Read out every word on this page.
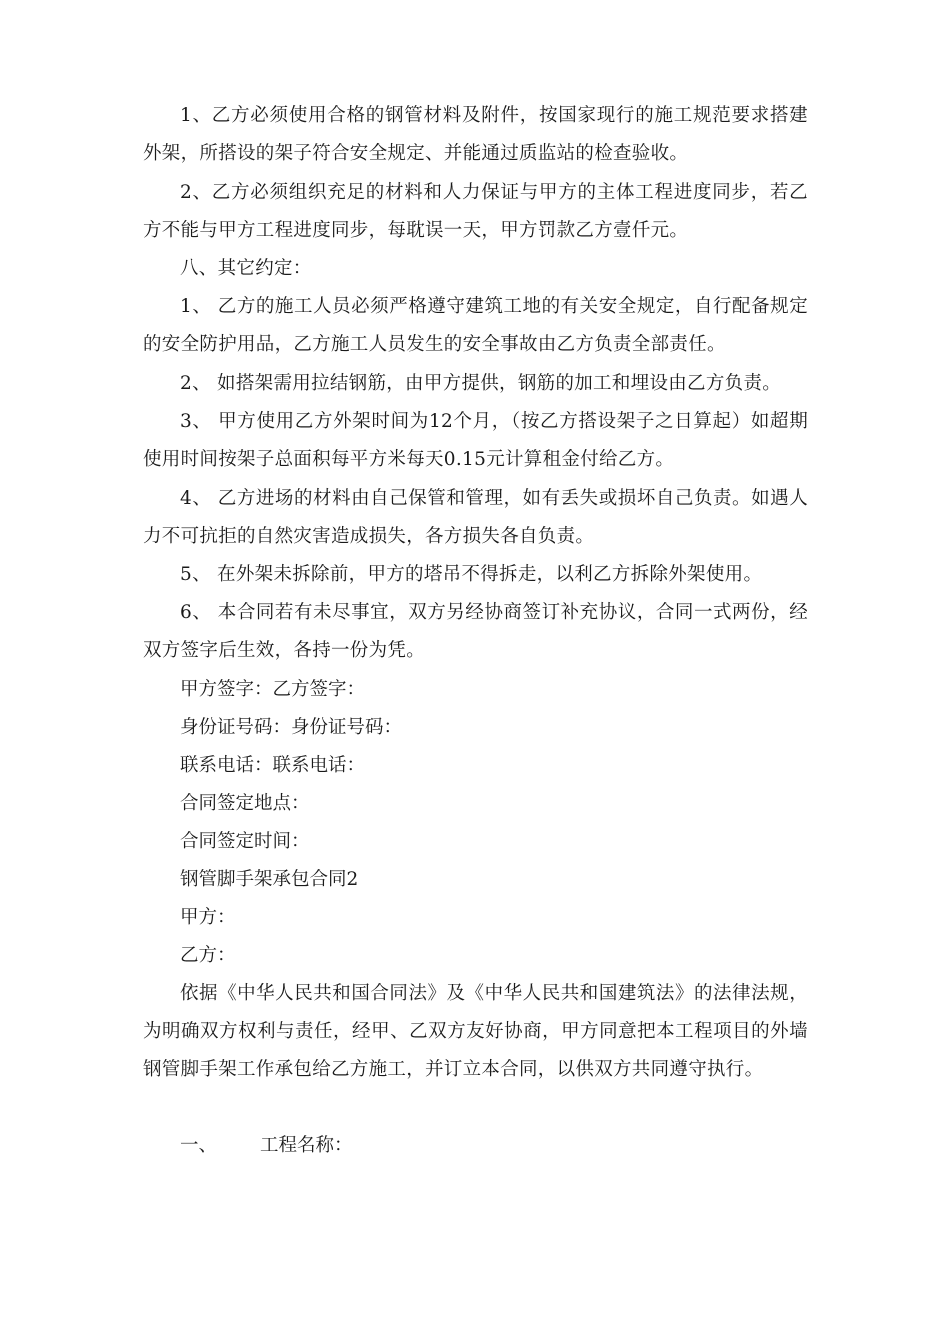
1、乙方必须使用合格的钢管材料及附件，按国家现行的施工规范要求搭建外架，所搭设的架子符合安全规定、并能通过质监站的检查验收。

2、乙方必须组织充足的材料和人力保证与甲方的主体工程进度同步，若乙方不能与甲方工程进度同步，每耽误一天，甲方罚款乙方壹仟元。

八、其它约定：

1、 乙方的施工人员必须严格遵守建筑工地的有关安全规定，自行配备规定的安全防护用品，乙方施工人员发生的安全事故由乙方负责全部责任。

2、 如搭架需用拉结钢筋，由甲方提供，钢筋的加工和埋设由乙方负责。

3、 甲方使用乙方外架时间为12个月，（按乙方搭设架子之日算起）如超期 使用时间按架子总面积每平方米每天0.15元计算租金付给乙方。

4、 乙方进场的材料由自己保管和管理，如有丢失或损坏自己负责。如遇人力不可抗拒的自然灾害造成损失，各方损失各自负责。

5、 在外架未拆除前，甲方的塔吊不得拆走，以利乙方拆除外架使用。

6、 本合同若有未尽事宜，双方另经协商签订补充协议，合同一式两份，经双方签字后生效，各持一份为凭。

甲方签字：乙方签字：

身份证号码：身份证号码：

联系电话：联系电话：

合同签定地点：

合同签定时间：

钢管脚手架承包合同2

甲方：

乙方：

依据《中华人民共和国合同法》及《中华人民共和国建筑法》的法律法规，为明确双方权利与责任，经甲、乙双方友好协商，甲方同意把本工程项目的外墙钢管脚手架工作承包给乙方施工，并订立本合同，以供双方共同遵守执行。

一、 工程名称：
